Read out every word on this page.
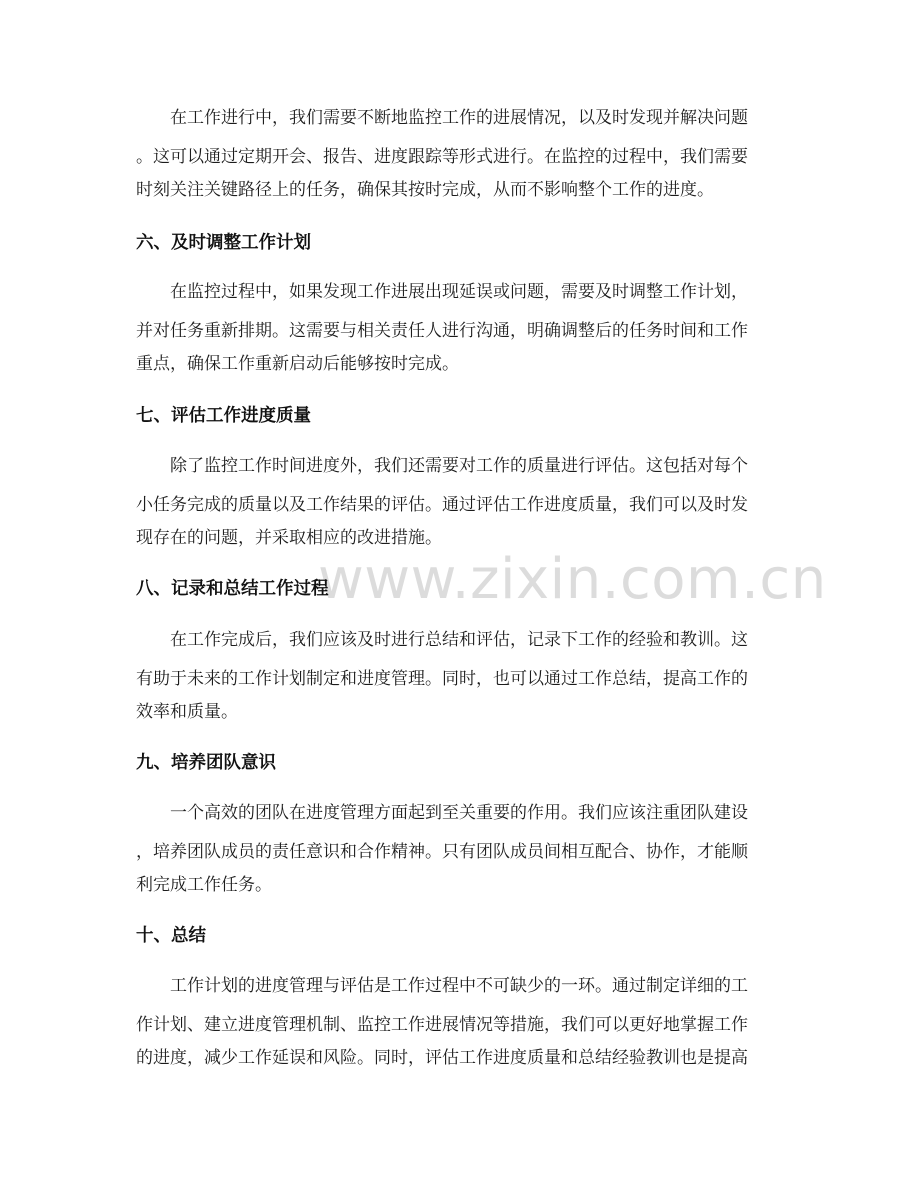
在工作进行中，我们需要不断地监控工作的进展情况，以及时发现并解决问题
。这可以通过定期开会、报告、进度跟踪等形式进行。在监控的过程中，我们需要
时刻关注关键路径上的任务，确保其按时完成，从而不影响整个工作的进度。
六、及时调整工作计划
在监控过程中，如果发现工作进展出现延误或问题，需要及时调整工作计划，
并对任务重新排期。这需要与相关责任人进行沟通，明确调整后的任务时间和工作
重点，确保工作重新启动后能够按时完成。
七、评估工作进度质量
除了监控工作时间进度外，我们还需要对工作的质量进行评估。这包括对每个
小任务完成的质量以及工作结果的评估。通过评估工作进度质量，我们可以及时发
现存在的问题，并采取相应的改进措施。
www.zixin.com.cn
八、记录和总结工作过程
在工作完成后，我们应该及时进行总结和评估，记录下工作的经验和教训。这
有助于未来的工作计划制定和进度管理。同时，也可以通过工作总结，提高工作的
效率和质量。
九、培养团队意识
一个高效的团队在进度管理方面起到至关重要的作用。我们应该注重团队建设
，培养团队成员的责任意识和合作精神。只有团队成员间相互配合、协作，才能顺
利完成工作任务。
十、总结
工作计划的进度管理与评估是工作过程中不可缺少的一环。通过制定详细的工
作计划、建立进度管理机制、监控工作进展情况等措施，我们可以更好地掌握工作
的进度，减少工作延误和风险。同时，评估工作进度质量和总结经验教训也是提高
